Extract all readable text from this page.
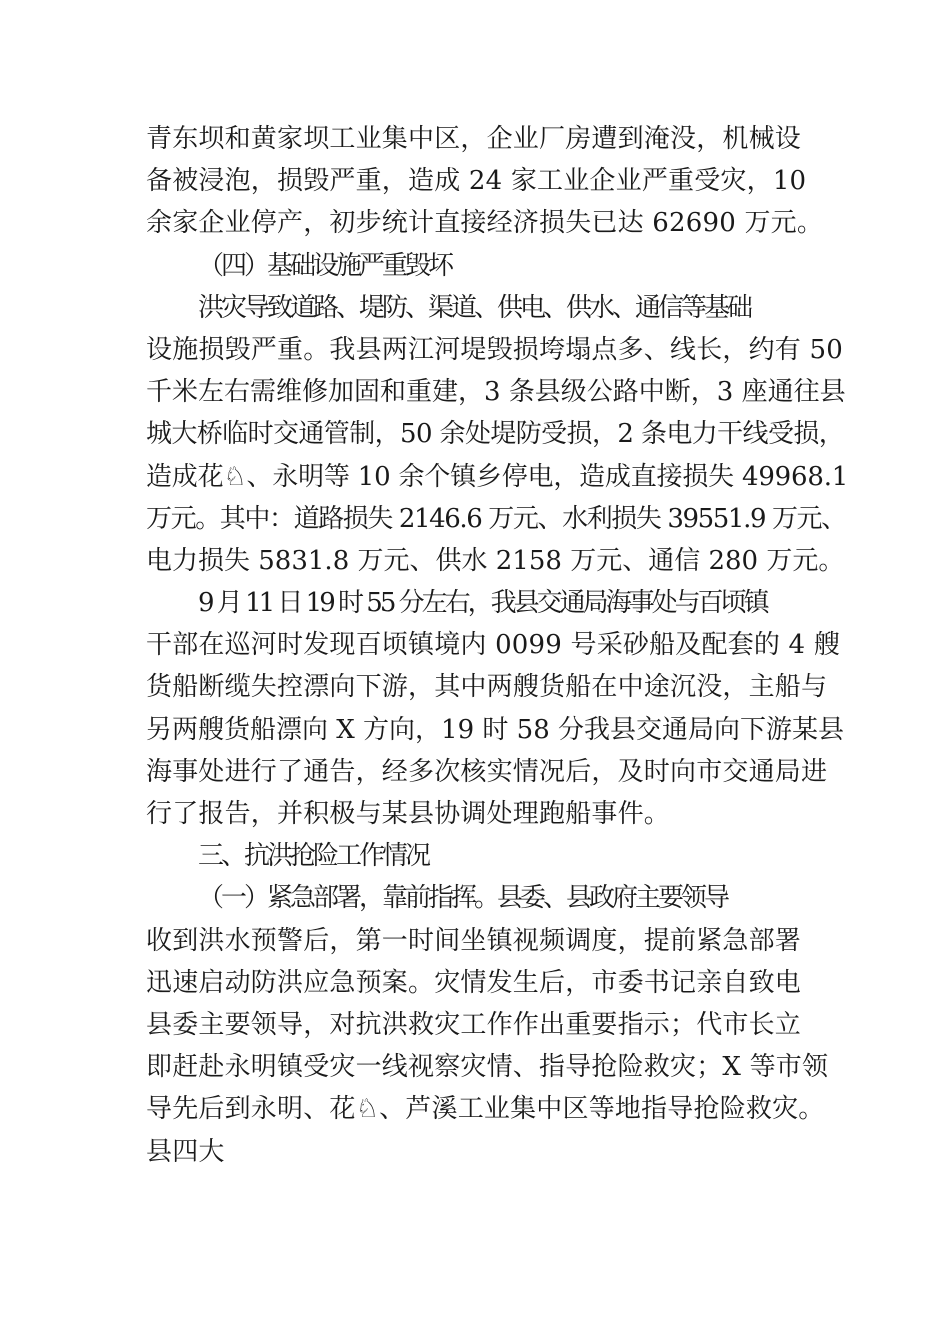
青东坝和黄家坝工业集中区，企业厂房遭到淹没，机械设
备被浸泡，损毁严重，造成 24 家工业企业严重受灾，10
余家企业停产，初步统计直接经济损失已达 62690 万元。
（四）基础设施严重毁坏
洪灾导致道路、堤防、渠道、供电、供水、通信等基础
设施损毁严重。我县两江河堤毁损垮塌点多、线长，约有 50
千米左右需维修加固和重建，3 条县级公路中断，3 座通往县
城大桥临时交通管制，50 余处堤防受损，2 条电力干线受损，
造成花♘、永明等 10 余个镇乡停电，造成直接损失 49968.1
万元。其中：道路损失 2146.6 万元、水利损失 39551.9 万元、
电力损失 5831.8 万元、供水 2158 万元、通信 280 万元。
9 月 11 日 19 时 55 分左右，我县交通局海事处与百顷镇
干部在巡河时发现百顷镇境内 0099 号采砂船及配套的 4 艘
货船断缆失控漂向下游，其中两艘货船在中途沉没，主船与
另两艘货船漂向 X 方向，19 时 58 分我县交通局向下游某县
海事处进行了通告，经多次核实情况后，及时向市交通局进
行了报告，并积极与某县协调处理跑船事件。
三、抗洪抢险工作情况
（一）紧急部署，靠前指挥。县委、县政府主要领导
收到洪水预警后，第一时间坐镇视频调度，提前紧急部署
迅速启动防洪应急预案。灾情发生后，市委书记亲自致电
县委主要领导，对抗洪救灾工作作出重要指示；代市长立
即赶赴永明镇受灾一线视察灾情、指导抢险救灾；X 等市领
导先后到永明、花♘、芦溪工业集中区等地指导抢险救灾。
县四大
